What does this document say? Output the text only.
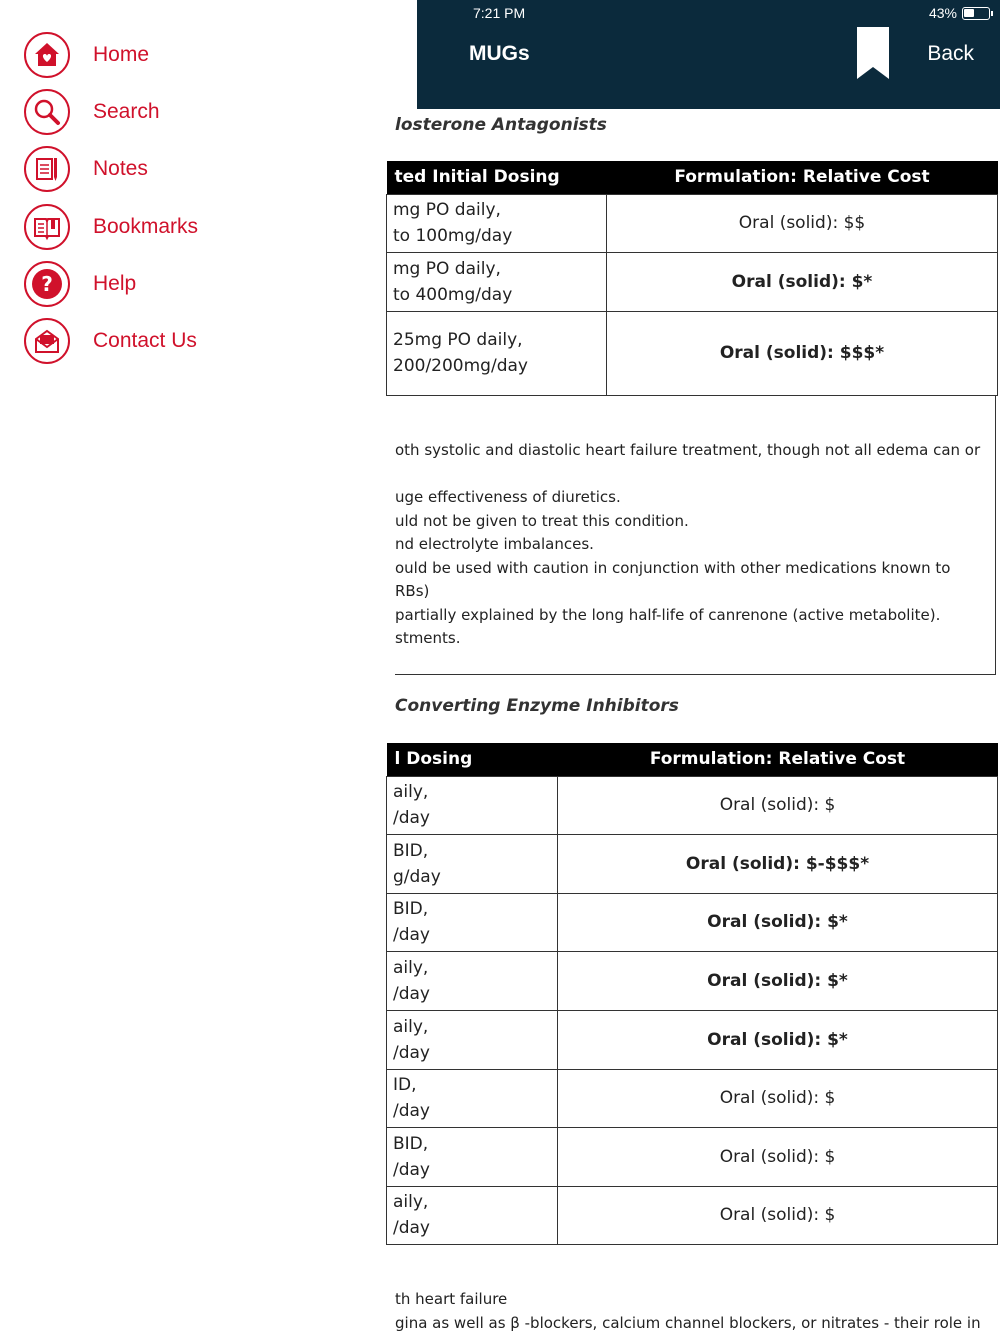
Home
Search
Notes
Bookmarks
? Help
Contact Us
7:21 PM	43%
MUGs	Back
losterone Antagonists
ted Initial Dosing	Formulation: Relative Cost

mg PO daily,
to 100mg/day	Oral (solid): $$

mg PO daily,
to 400mg/day	Oral (solid): $*

25mg PO daily,
200/200mg/day	Oral (solid): $$$*
oth systolic and diastolic heart failure treatment, though not all edema can or
uge effectiveness of diuretics.
uld not be given to treat this condition.
nd electrolyte imbalances.
ould be used with caution in conjunction with other medications known to
RBs)
partially explained by the long half-life of canrenone (active metabolite).
stments.
Converting Enzyme Inhibitors
l Dosing	Formulation: Relative Cost

aily,
/day	Oral (solid): $

BID,
g/day	Oral (solid): $-$$$*

BID,
/day	Oral (solid): $*

aily,
/day	Oral (solid): $*

aily,
/day	Oral (solid): $*

ID,
/day	Oral (solid): $

BID,
/day	Oral (solid): $

aily,
/day	Oral (solid): $
th heart failure
gina as well as β -blockers, calcium channel blockers, or nitrates - their role in
